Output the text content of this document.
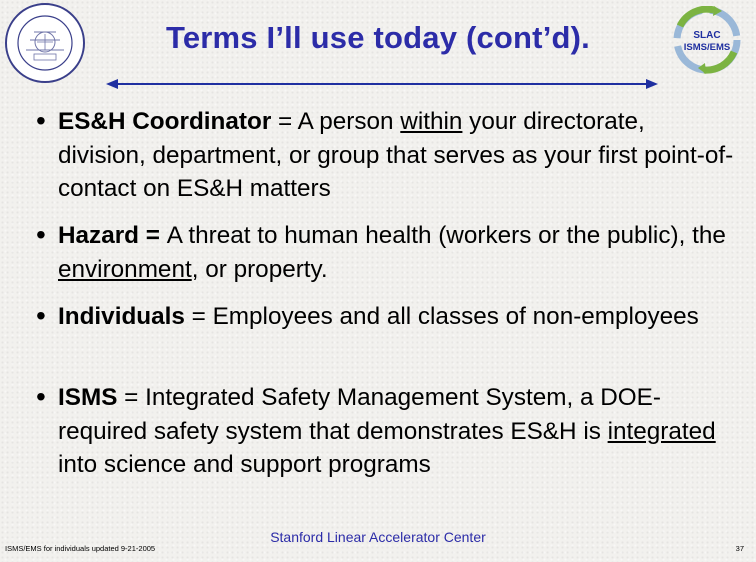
SLAC
ISMS/EMS
Terms I’ll use today (cont’d).
• ES&H Coordinator = A person within your directorate, division, department, or group that serves as your first point-of-contact on ES&H matters
• Hazard = A threat to human health (workers or the public), the environment, or property.
• Individuals = Employees and all classes of non-employees
• ISMS = Integrated Safety Management System, a DOE-required safety system that demonstrates ES&H is integrated into science and support programs
ISMS/EMS for individuals updated 9-21-2005
Stanford Linear Accelerator Center
37
